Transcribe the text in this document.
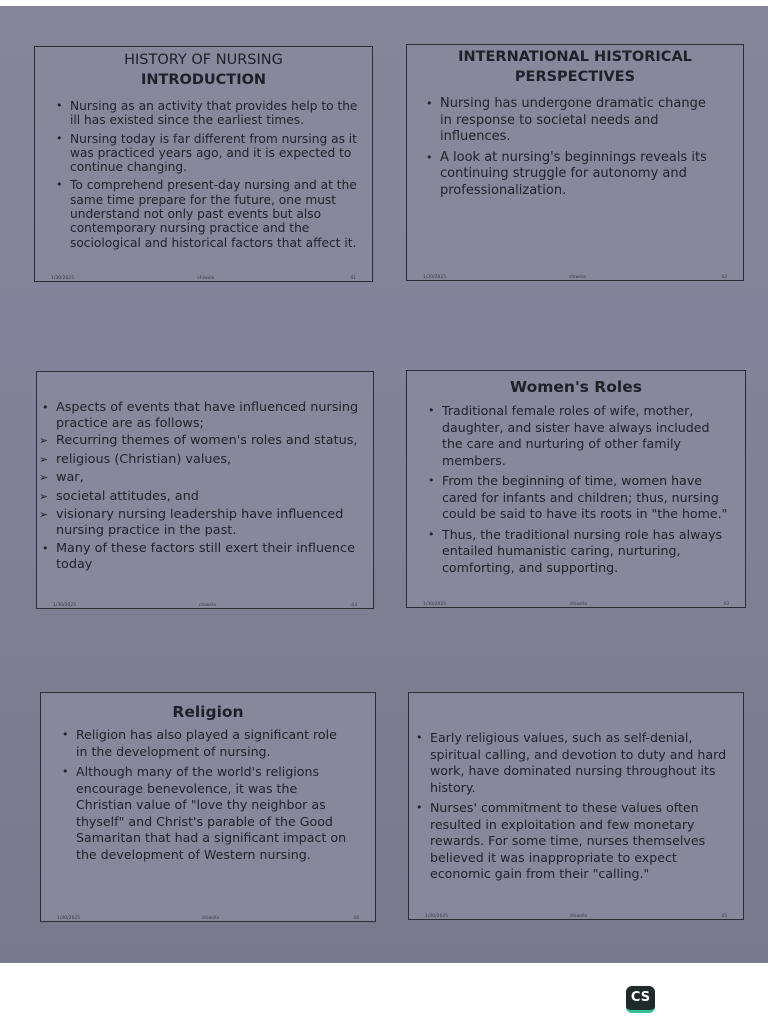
HISTORY OF NURSING
INTRODUCTION
• Nursing as an activity that provides help to the ill has existed since the earliest times.
• Nursing today is far different from nursing as it was practiced years ago, and it is expected to continue changing.
• To comprehend present-day nursing and at the same time prepare for the future, one must understand not only past events but also contemporary nursing practice and the sociological and historical factors that affect it.
1/30/2025	chiwela	41
INTERNATIONAL HISTORICAL
PERSPECTIVES
• Nursing has undergone dramatic change in response to societal needs and influences.
• A look at nursing's beginnings reveals its continuing struggle for autonomy and professionalization.
1/30/2025	chiwela	42
• Aspects of events that have influenced nursing practice are as follows;
➢ Recurring themes of women's roles and status,
➢ religious (Christian) values,
➢ war,
➢ societal attitudes, and
➢ visionary nursing leadership have influenced nursing practice in the past.
• Many of these factors still exert their influence today
1/30/2025	chiwela	43
Women's Roles
• Traditional female roles of wife, mother, daughter, and sister have always included the care and nurturing of other family members.
• From the beginning of time, women have cared for infants and children; thus, nursing could be said to have its roots in "the home."
• Thus, the traditional nursing role has always entailed humanistic caring, nurturing, comforting, and supporting.
1/30/2025	chiwela	43
Religion
• Religion has also played a significant role in the development of nursing.
• Although many of the world's religions encourage benevolence, it was the Christian value of "love thy neighbor as thyself" and Christ's parable of the Good Samaritan that had a significant impact on the development of Western nursing.
1/30/2025	chiwela	44
• Early religious values, such as self-denial, spiritual calling, and devotion to duty and hard work, have dominated nursing throughout its history.
• Nurses' commitment to these values often resulted in exploitation and few monetary rewards. For some time, nurses themselves believed it was inappropriate to expect economic gain from their "calling."
1/30/2025	chiwela	45
CS
